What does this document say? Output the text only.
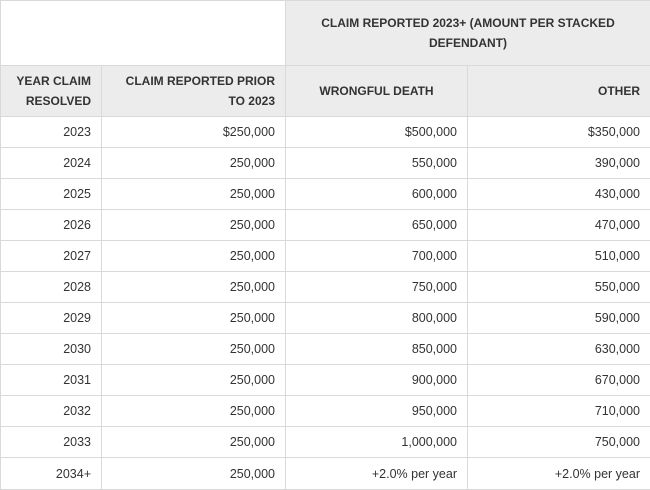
		CLAIM REPORTED 2023+ (AMOUNT PER STACKED DEFENDANT)	
YEAR CLAIM RESOLVED	CLAIM REPORTED PRIOR TO 2023	WRONGFUL DEATH	OTHER
2023	$250,000	$500,000	$350,000
2024	250,000	550,000	390,000
2025	250,000	600,000	430,000
2026	250,000	650,000	470,000
2027	250,000	700,000	510,000
2028	250,000	750,000	550,000
2029	250,000	800,000	590,000
2030	250,000	850,000	630,000
2031	250,000	900,000	670,000
2032	250,000	950,000	710,000
2033	250,000	1,000,000	750,000
2034+	250,000	+2.0% per year	+2.0% per year
